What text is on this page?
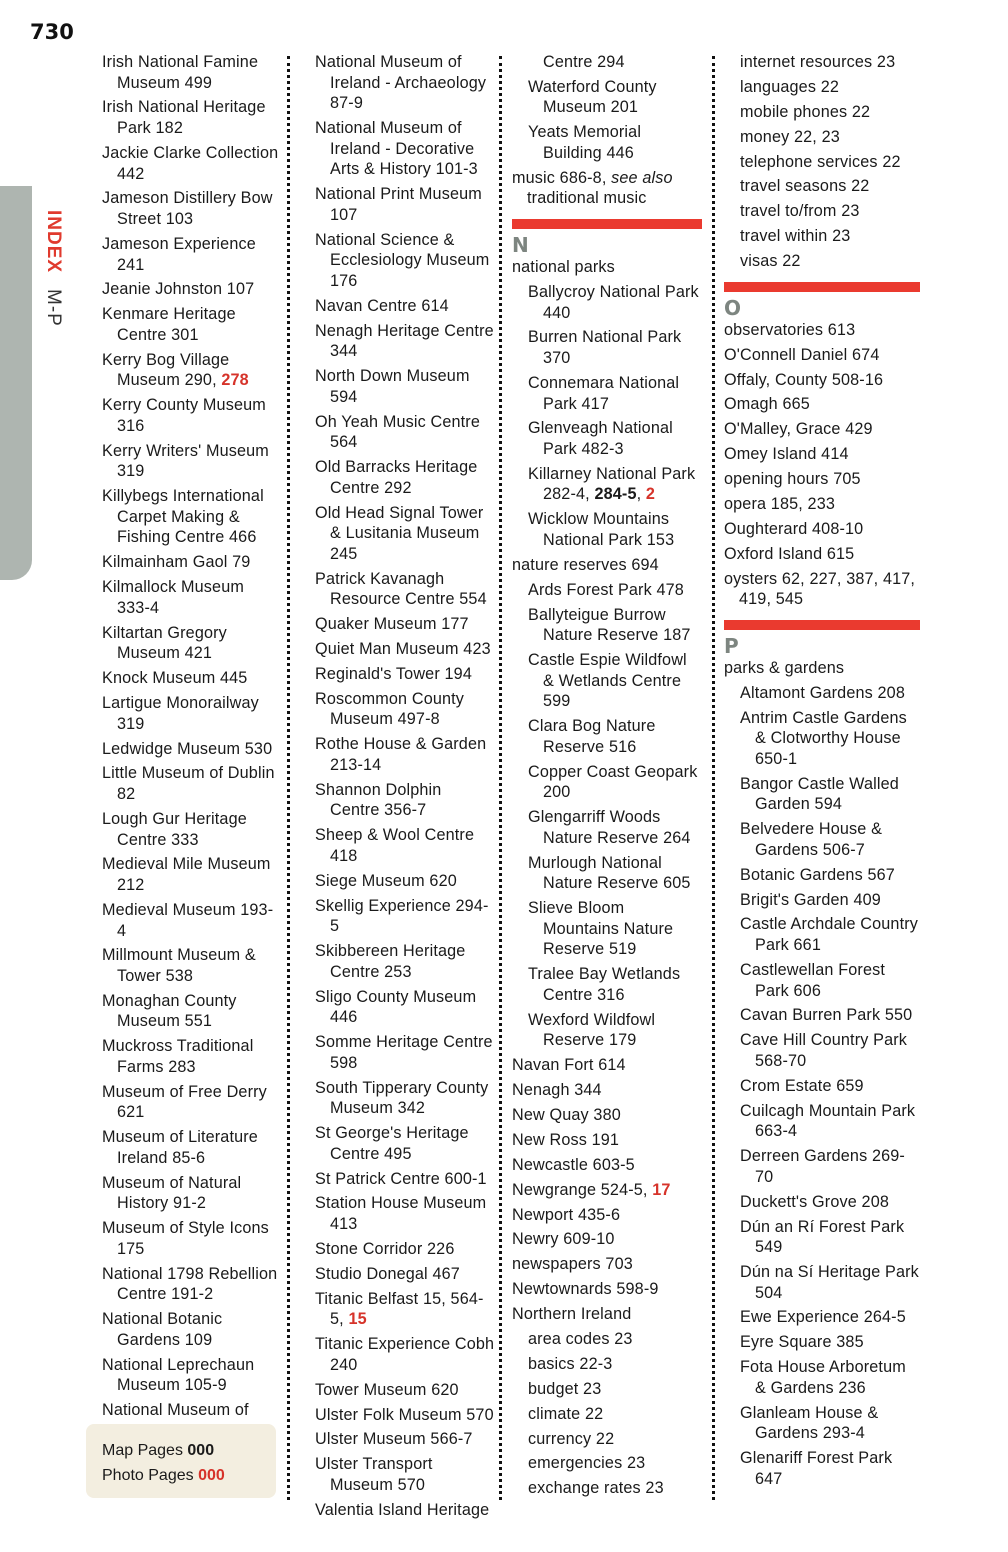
730
INDEX M-P
Irish National Famine Museum 499
Irish National Heritage Park 182
Jackie Clarke Collection 442
Jameson Distillery Bow Street 103
Jameson Experience 241
Jeanie Johnston 107
Kenmare Heritage Centre 301
Kerry Bog Village Museum 290, 278
Kerry County Museum 316
Kerry Writers' Museum 319
Killybegs International Carpet Making & Fishing Centre 466
Kilmainham Gaol 79
Kilmallock Museum 333-4
Kiltartan Gregory Museum 421
Knock Museum 445
Lartigue Monorailway 319
Ledwidge Museum 530
Little Museum of Dublin 82
Lough Gur Heritage Centre 333
Medieval Mile Museum 212
Medieval Museum 193-4
Millmount Museum & Tower 538
Monaghan County Museum 551
Muckross Traditional Farms 283
Museum of Free Derry 621
Museum of Literature Ireland 85-6
Museum of Natural History 91-2
Museum of Style Icons 175
National 1798 Rebellion Centre 191-2
National Botanic Gardens 109
National Leprechaun Museum 105-9
National Museum of
National Museum of Ireland - Archaeology 87-9
National Museum of Ireland - Decorative Arts & History 101-3
National Print Museum 107
National Science & Ecclesiology Museum 176
Navan Centre 614
Nenagh Heritage Centre 344
North Down Museum 594
Oh Yeah Music Centre 564
Old Barracks Heritage Centre 292
Old Head Signal Tower & Lusitania Museum 245
Patrick Kavanagh Resource Centre 554
Quaker Museum 177
Quiet Man Museum 423
Reginald's Tower 194
Roscommon County Museum 497-8
Rothe House & Garden 213-14
Shannon Dolphin Centre 356-7
Sheep & Wool Centre 418
Siege Museum 620
Skellig Experience 294-5
Skibbereen Heritage Centre 253
Sligo County Museum 446
Somme Heritage Centre 598
South Tipperary County Museum 342
St George's Heritage Centre 495
St Patrick Centre 600-1
Station House Museum 413
Stone Corridor 226
Studio Donegal 467
Titanic Belfast 15, 564-5, 15
Titanic Experience Cobh 240
Tower Museum 620
Ulster Folk Museum 570
Ulster Museum 566-7
Ulster Transport Museum 570
Valentia Island Heritage
Centre 294
Waterford County Museum 201
Yeats Memorial Building 446
music 686-8, see also traditional music
N
national parks
Ballycroy National Park 440
Burren National Park 370
Connemara National Park 417
Glenveagh National Park 482-3
Killarney National Park 282-4, 284-5, 2
Wicklow Mountains National Park 153
nature reserves 694
Ards Forest Park 478
Ballyteigue Burrow Nature Reserve 187
Castle Espie Wildfowl & Wetlands Centre 599
Clara Bog Nature Reserve 516
Copper Coast Geopark 200
Glengarriff Woods Nature Reserve 264
Murlough National Nature Reserve 605
Slieve Bloom Mountains Nature Reserve 519
Tralee Bay Wetlands Centre 316
Wexford Wildfowl Reserve 179
Navan Fort 614
Nenagh 344
New Quay 380
New Ross 191
Newcastle 603-5
Newgrange 524-5, 17
Newport 435-6
Newry 609-10
newspapers 703
Newtownards 598-9
Northern Ireland
area codes 23
basics 22-3
budget 23
climate 22
currency 22
emergencies 23
exchange rates 23
internet resources 23
languages 22
mobile phones 22
money 22, 23
telephone services 22
travel seasons 22
travel to/from 23
travel within 23
visas 22
O
observatories 613
O'Connell Daniel 674
Offaly, County 508-16
Omagh 665
O'Malley, Grace 429
Omey Island 414
opening hours 705
opera 185, 233
Oughterard 408-10
Oxford Island 615
oysters 62, 227, 387, 417, 419, 545
P
parks & gardens
Altamont Gardens 208
Antrim Castle Gardens & Clotworthy House 650-1
Bangor Castle Walled Garden 594
Belvedere House & Gardens 506-7
Botanic Gardens 567
Brigit's Garden 409
Castle Archdale Country Park 661
Castlewellan Forest Park 606
Cavan Burren Park 550
Cave Hill Country Park 568-70
Crom Estate 659
Cuilcagh Mountain Park 663-4
Derreen Gardens 269-70
Duckett's Grove 208
Dún an Rí Forest Park 549
Dún na Sí Heritage Park 504
Ewe Experience 264-5
Eyre Square 385
Fota House Arboretum & Gardens 236
Glanleam House & Gardens 293-4
Glenariff Forest Park 647
Map Pages 000
Photo Pages 000
